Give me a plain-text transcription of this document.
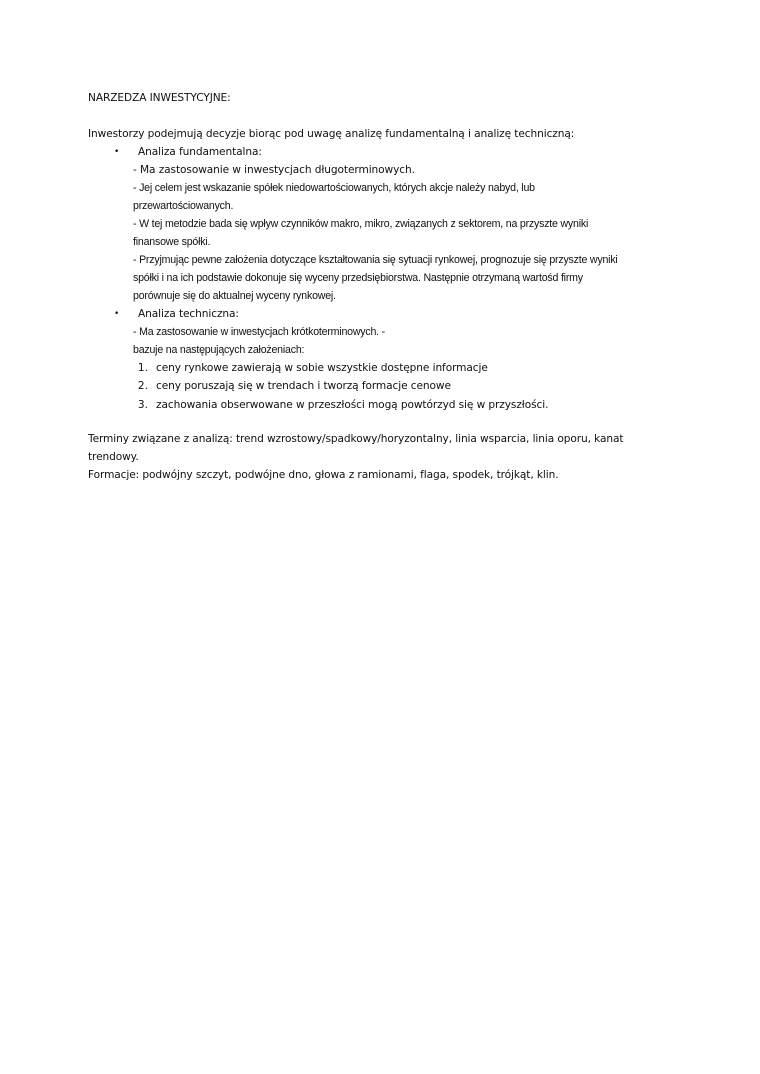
NARZEDZA INWESTYCYJNE:
Inwestorzy podejmują decyzje biorąc pod uwagę analizę fundamentalną i analizę techniczną:
• Analiza fundamentalna:
- Ma zastosowanie w inwestycjach długoterminowych.
- Jej celem jest wskazanie spółek niedowartościowanych, których akcje należy nabyd, lub
przewartościowanych.
- W tej metodzie bada się wpływ czynników makro, mikro, związanych z sektorem, na przyszte wyniki
finansowe spółki.
- Przyjmując pewne założenia dotyczące kształtowania się sytuacji rynkowej, prognozuje się przyszte wyniki
spółki i na ich podstawie dokonuje się wyceny przedsiębiorstwa. Następnie otrzymaną wartośd firmy
porównuje się do aktualnej wyceny rynkowej.
• Analiza techniczna:
- Ma zastosowanie w inwestycjach krótkoterminowych. -
bazuje na następujących założeniach:
1. ceny rynkowe zawierają w sobie wszystkie dostępne informacje
2. ceny poruszają się w trendach i tworzą formacje cenowe
3. zachowania obserwowane w przeszłości mogą powtórzyd się w przyszłości.
Terminy związane z analizą: trend wzrostowy/spadkowy/horyzontalny, linia wsparcia, linia oporu, kanat
trendowy.
Formacje: podwójny szczyt, podwójne dno, głowa z ramionami, flaga, spodek, trójkąt, klin.
